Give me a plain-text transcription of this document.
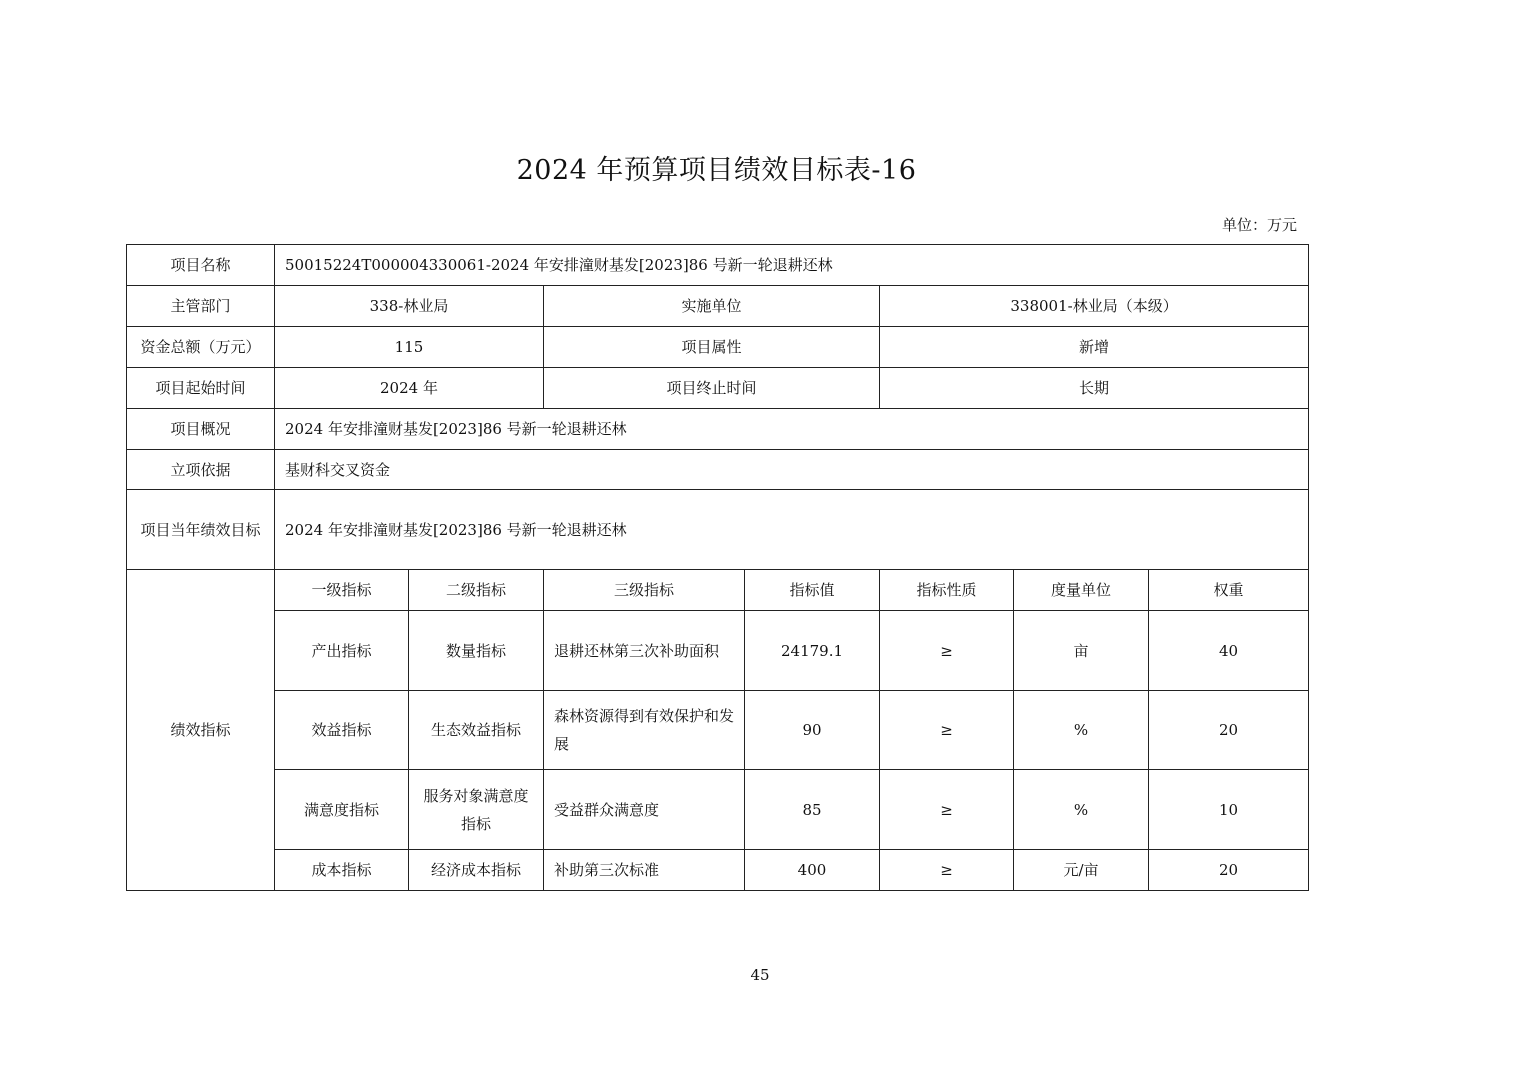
2024 年预算项目绩效目标表-16
单位：万元
项目名称	50015224T000004330061-2024 年安排潼财基发[2023]86 号新一轮退耕还林						
主管部门	338-林业局		实施单位		338001-林业局（本级）		
资金总额（万元）	115		项目属性		新增		
项目起始时间	2024 年		项目终止时间		长期		
项目概况	2024 年安排潼财基发[2023]86 号新一轮退耕还林						
立项依据	基财科交叉资金						
项目当年绩效目标	2024 年安排潼财基发[2023]86 号新一轮退耕还林						
绩效指标	一级指标	二级指标	三级指标	指标值	指标性质	度量单位	权重
	产出指标	数量指标	退耕还林第三次补助面积	24179.1	≥	亩	40
	效益指标	生态效益指标	森林资源得到有效保护和发展	90	≥	%	20
	满意度指标	服务对象满意度指标	受益群众满意度	85	≥	%	10
	成本指标	经济成本指标	补助第三次标准	400	≥	元/亩	20
45
